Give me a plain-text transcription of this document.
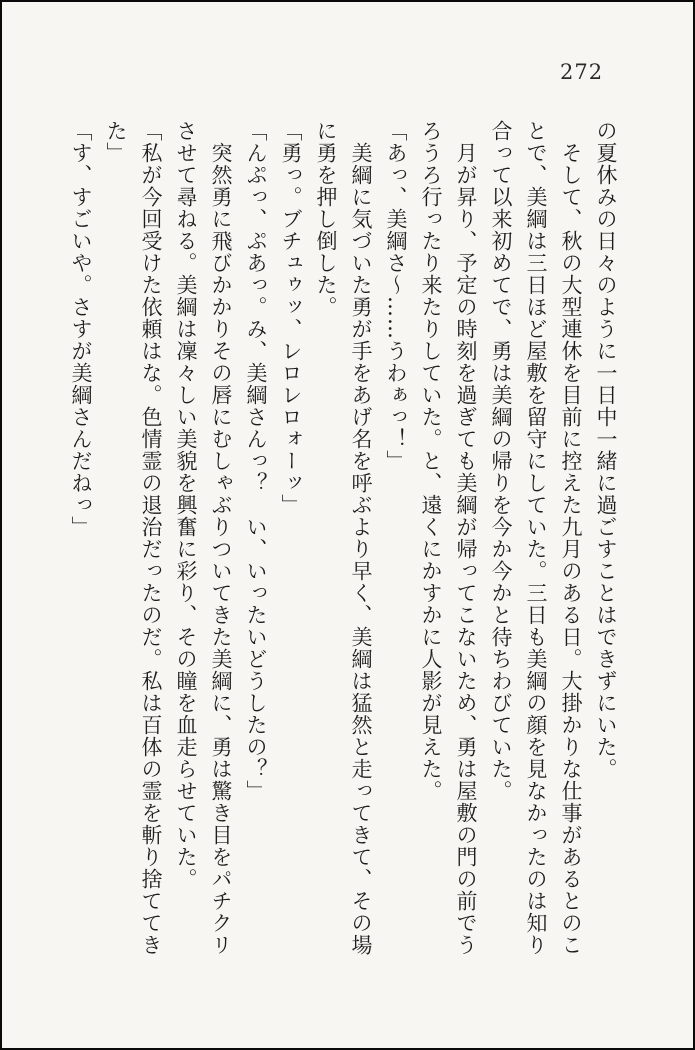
272

の夏休みの日々のように一日中一緒に過ごすことはできずにいた。

そして、秋の大型連休を目前に控えた九月のある日。大掛かりな仕事があるとのことで、美綱は三日ほど屋敷を留守にしていた。三日も美綱の顔を見なかったのは知り合って以来初めてで、勇は美綱の帰りを今か今かと待ちわびていた。

月が昇り、予定の時刻を過ぎても美綱が帰ってこないため、勇は屋敷の門の前でうろうろ行ったり来たりしていた。と、遠くにかすかに人影が見えた。

「あっ、美綱さ～……うわぁっ！」

美綱に気づいた勇が手をあげ名を呼ぶより早く、美綱は猛然と走ってきて、その場に勇を押し倒した。

「勇っ。ブチュゥッ、レロレロォーッ」

「んぷっ、ぷあっ。み、美綱さんっ？　い、いったいどうしたの？」

突然勇に飛びかかりその唇にむしゃぶりついてきた美綱に、勇は驚き目をパチクリさせて尋ねる。美綱は凜々しい美貌を興奮に彩り、その瞳を血走らせていた。

「私が今回受けた依頼はな。色情霊の退治だったのだ。私は百体の霊を斬り捨ててきた」

「す、すごいや。さすが美綱さんだねっ」
